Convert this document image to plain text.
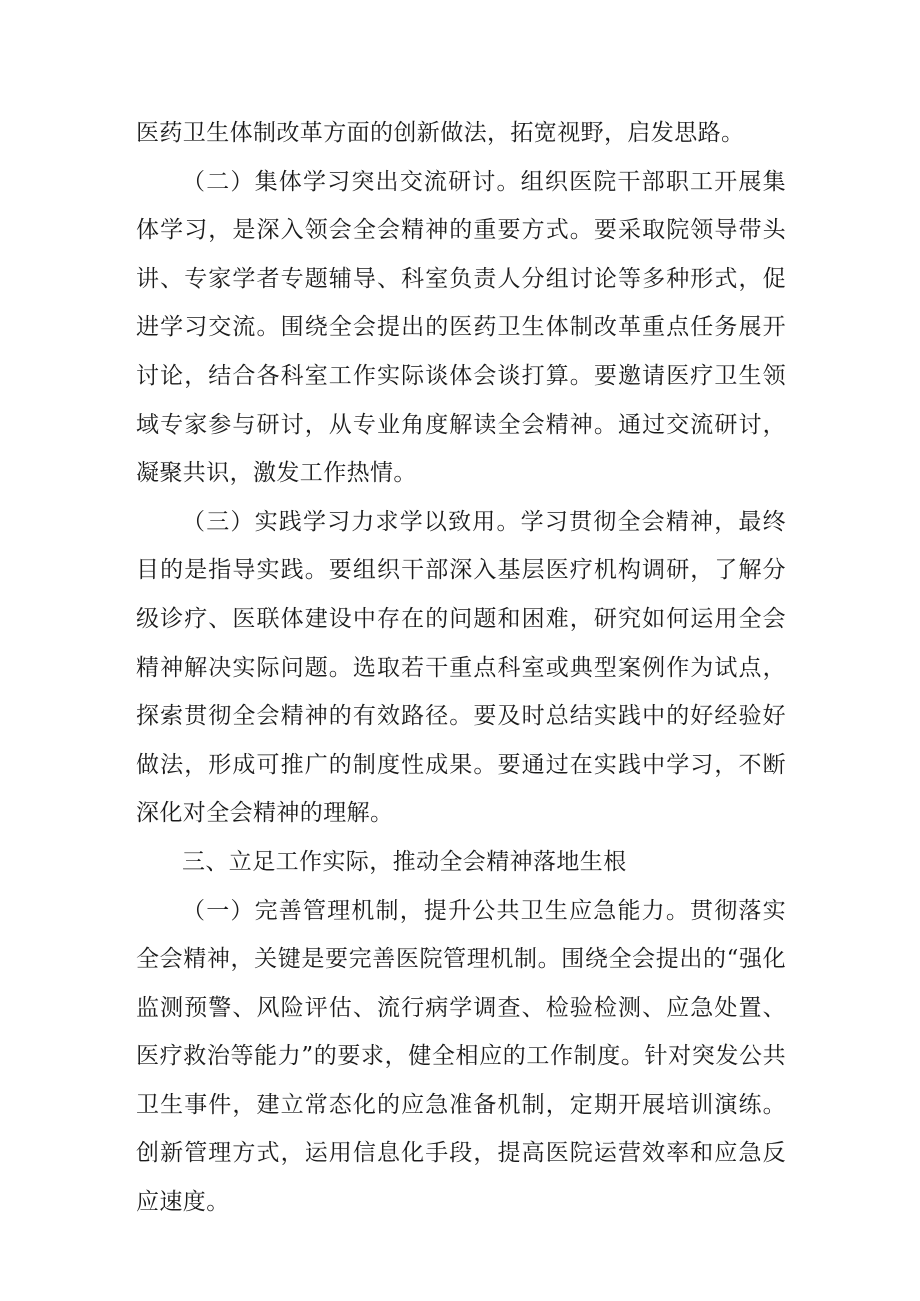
医药卫生体制改革方面的创新做法，拓宽视野，启发思路。

（二）集体学习突出交流研讨。组织医院干部职工开展集体学习，是深入领会全会精神的重要方式。要采取院领导带头讲、专家学者专题辅导、科室负责人分组讨论等多种形式，促进学习交流。围绕全会提出的医药卫生体制改革重点任务展开讨论，结合各科室工作实际谈体会谈打算。要邀请医疗卫生领域专家参与研讨，从专业角度解读全会精神。通过交流研讨，凝聚共识，激发工作热情。

（三）实践学习力求学以致用。学习贯彻全会精神，最终目的是指导实践。要组织干部深入基层医疗机构调研，了解分级诊疗、医联体建设中存在的问题和困难，研究如何运用全会精神解决实际问题。选取若干重点科室或典型案例作为试点，探索贯彻全会精神的有效路径。要及时总结实践中的好经验好做法，形成可推广的制度性成果。要通过在实践中学习，不断深化对全会精神的理解。

三、立足工作实际，推动全会精神落地生根

（一）完善管理机制，提升公共卫生应急能力。贯彻落实全会精神，关键是要完善医院管理机制。围绕全会提出的“强化监测预警、风险评估、流行病学调查、检验检测、应急处置、医疗救治等能力”的要求，健全相应的工作制度。针对突发公共卫生事件，建立常态化的应急准备机制，定期开展培训演练。创新管理方式，运用信息化手段，提高医院运营效率和应急反应速度。
